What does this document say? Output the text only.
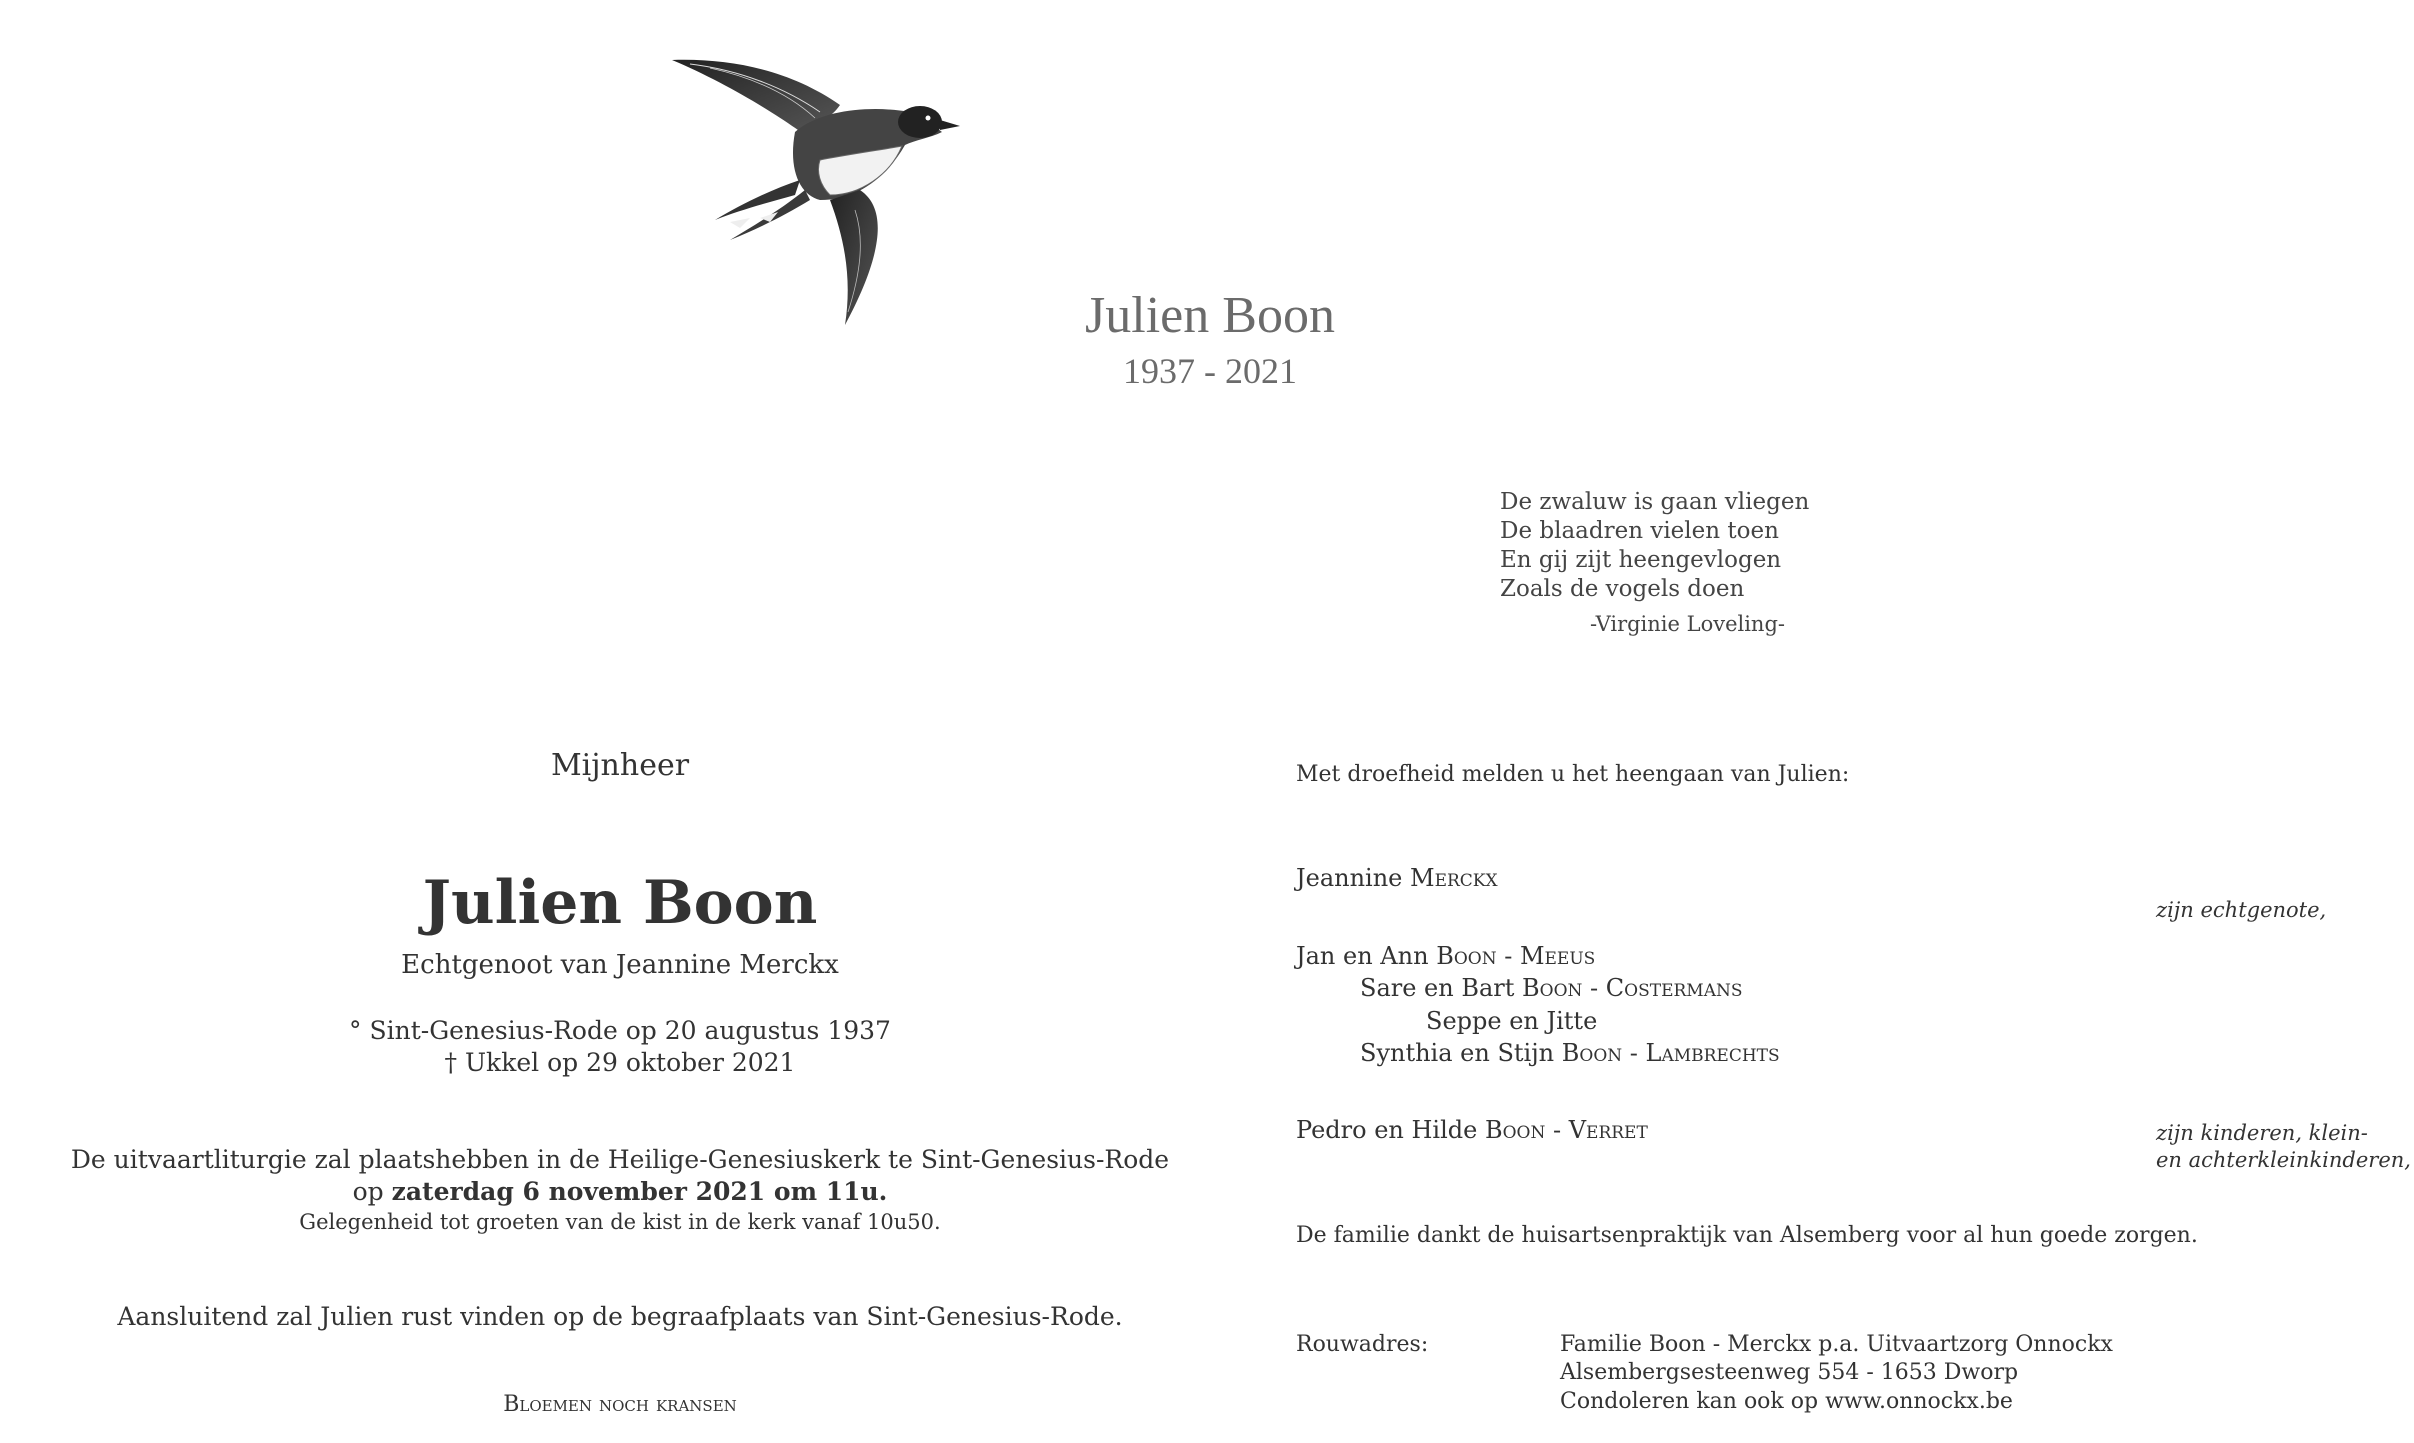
Julien Boon
1937 - 2021
De zwaluw is gaan vliegen
De blaadren vielen toen
En gij zijt heengevlogen
Zoals de vogels doen
-Virginie Loveling-
Mijnheer
Julien Boon
Echtgenoot van Jeannine Merckx
° Sint-Genesius-Rode op 20 augustus 1937
† Ukkel op 29 oktober 2021
De uitvaartliturgie zal plaatshebben in de Heilige-Genesiuskerk te Sint-Genesius-Rode
op zaterdag 6 november 2021 om 11u.
Gelegenheid tot groeten van de kist in de kerk vanaf 10u50.
Aansluitend zal Julien rust vinden op de begraafplaats van Sint-Genesius-Rode.
Bloemen noch kransen
Met droefheid melden u het heengaan van Julien:
Jeannine Merckx
Jan en Ann Boon - Meeus
Sare en Bart Boon - Costermans
Seppe en Jitte
Synthia en Stijn Boon - Lambrechts
Pedro en Hilde Boon - Verret
zijn echtgenote,
zijn kinderen, klein-
en achterkleinkinderen,
De familie dankt de huisartsenpraktijk van Alsemberg voor al hun goede zorgen.
Rouwadres:	Familie Boon - Merckx p.a. Uitvaartzorg Onnockx
Alsembergsesteenweg 554 - 1653 Dworp
Condoleren kan ook op www.onnockx.be
